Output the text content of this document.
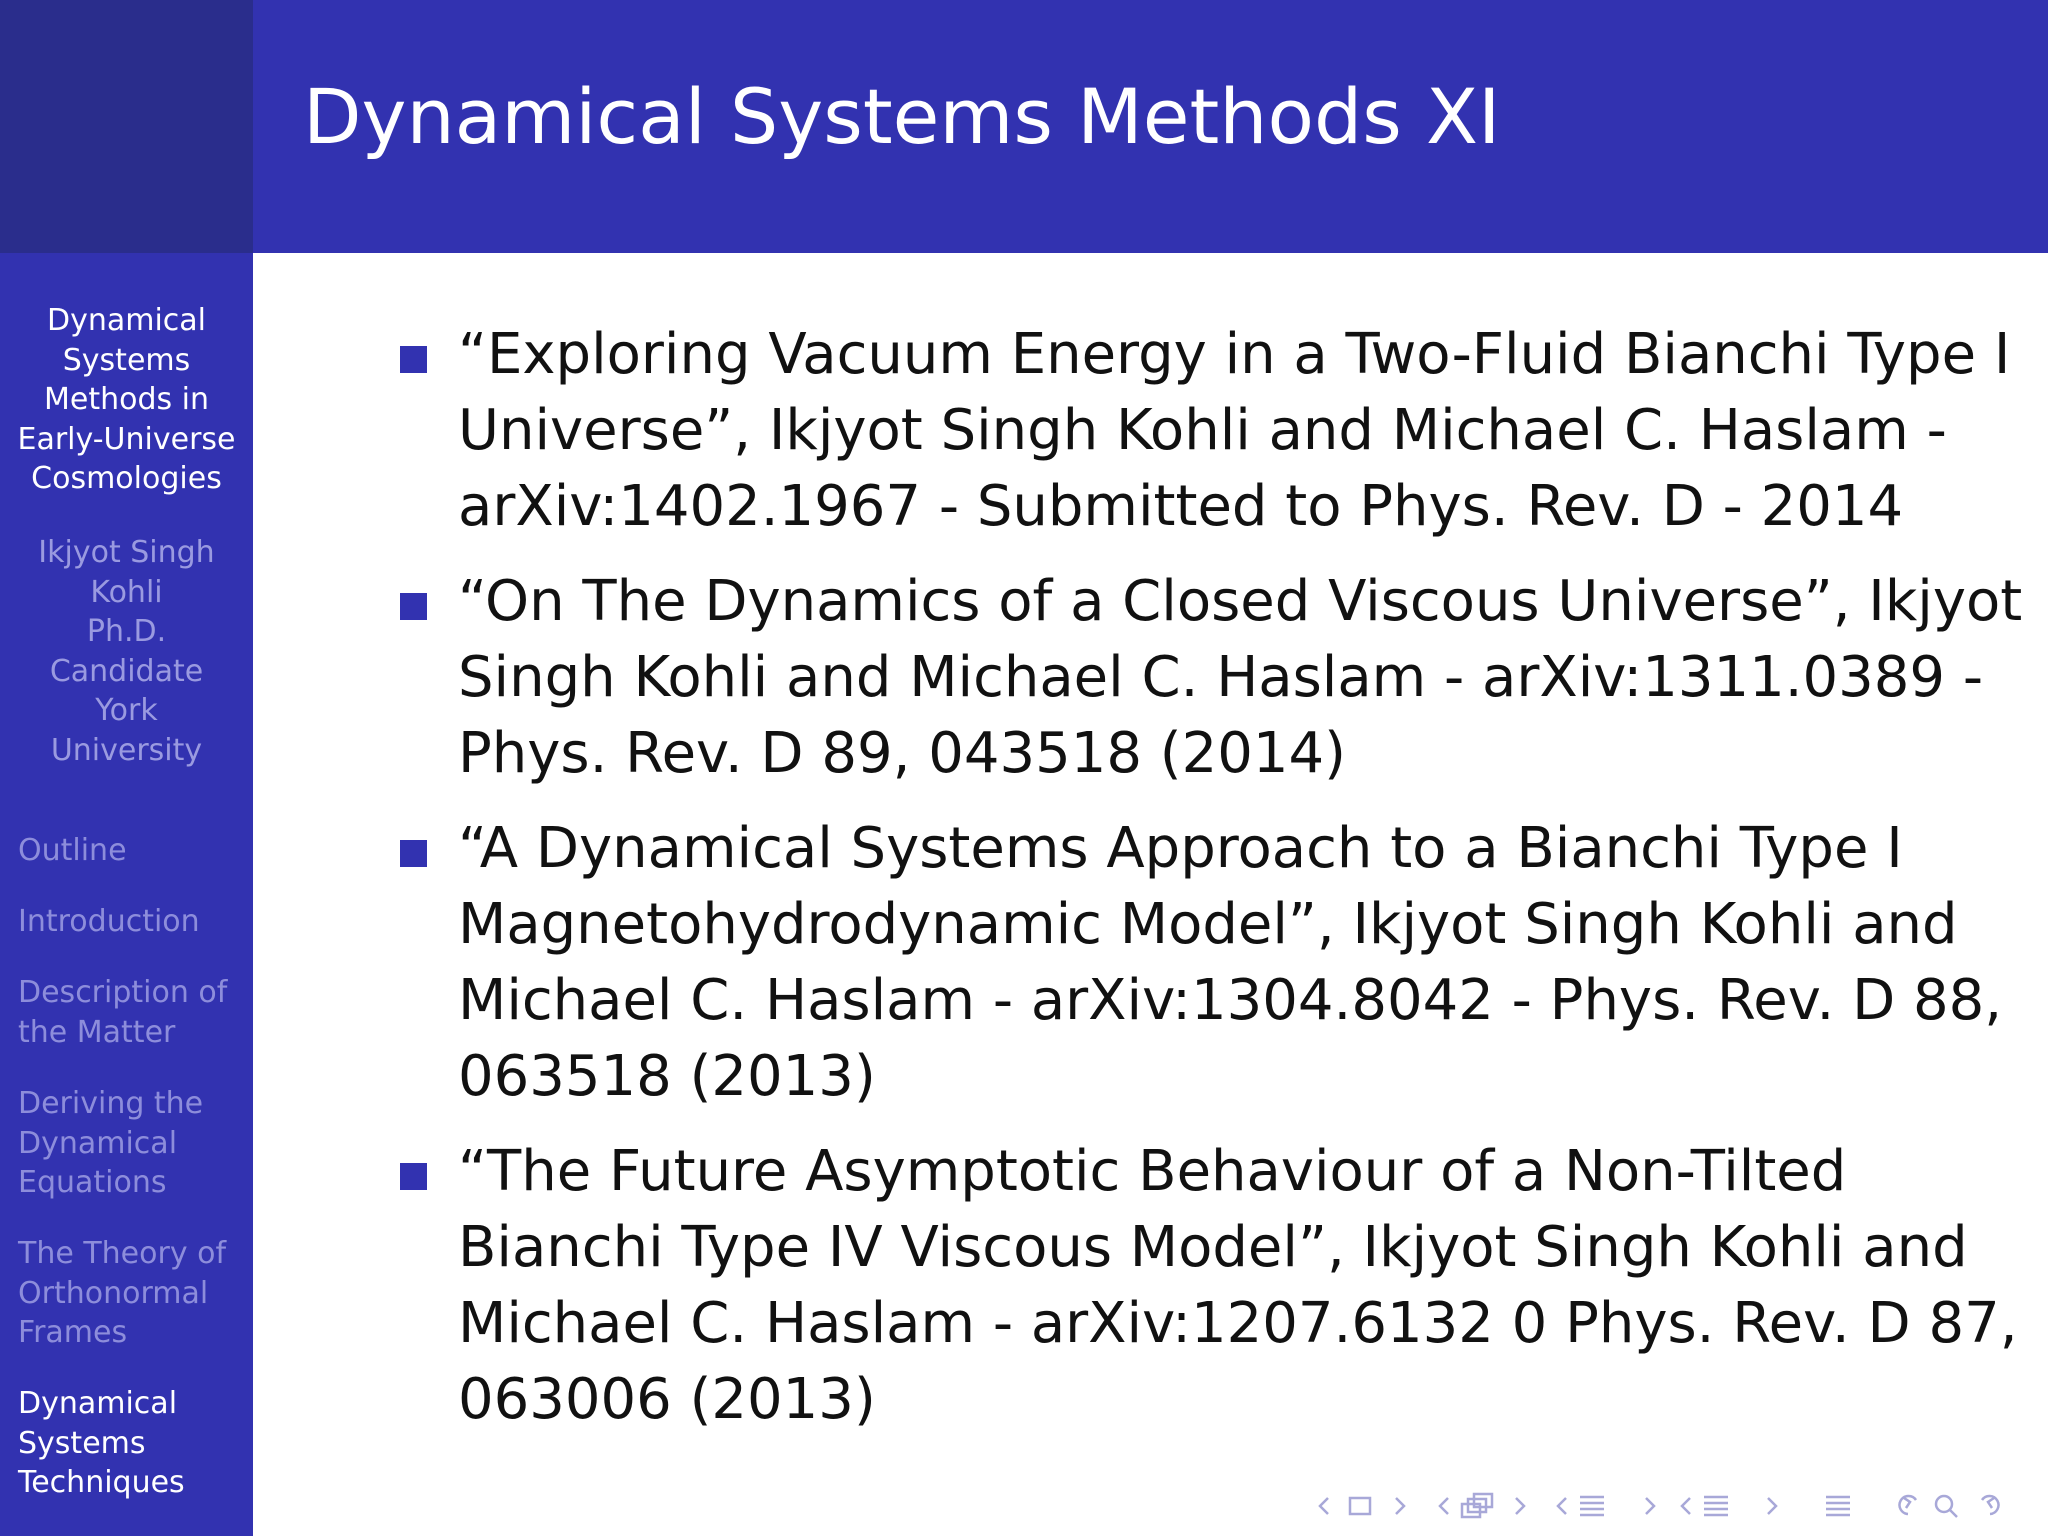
Dynamical Systems Methods XI
Dynamical
Systems
Methods in
Early-Universe
Cosmologies
Ikjyot Singh
Kohli
Ph.D.
Candidate
York
University
Outline
Introduction
Description of
the Matter
Deriving the
Dynamical
Equations
The Theory of
Orthonormal
Frames
Dynamical
Systems
Techniques
“Exploring Vacuum Energy in a Two-Fluid Bianchi Type I
Universe”, Ikjyot Singh Kohli and Michael C. Haslam -
arXiv:1402.1967 - Submitted to Phys. Rev. D - 2014
“On The Dynamics of a Closed Viscous Universe”, Ikjyot
Singh Kohli and Michael C. Haslam - arXiv:1311.0389 -
Phys. Rev. D 89, 043518 (2014)
“A Dynamical Systems Approach to a Bianchi Type I
Magnetohydrodynamic Model”, Ikjyot Singh Kohli and
Michael C. Haslam - arXiv:1304.8042 - Phys. Rev. D 88,
063518 (2013)
“The Future Asymptotic Behaviour of a Non-Tilted
Bianchi Type IV Viscous Model”, Ikjyot Singh Kohli and
Michael C. Haslam - arXiv:1207.6132 0 Phys. Rev. D 87,
063006 (2013)
